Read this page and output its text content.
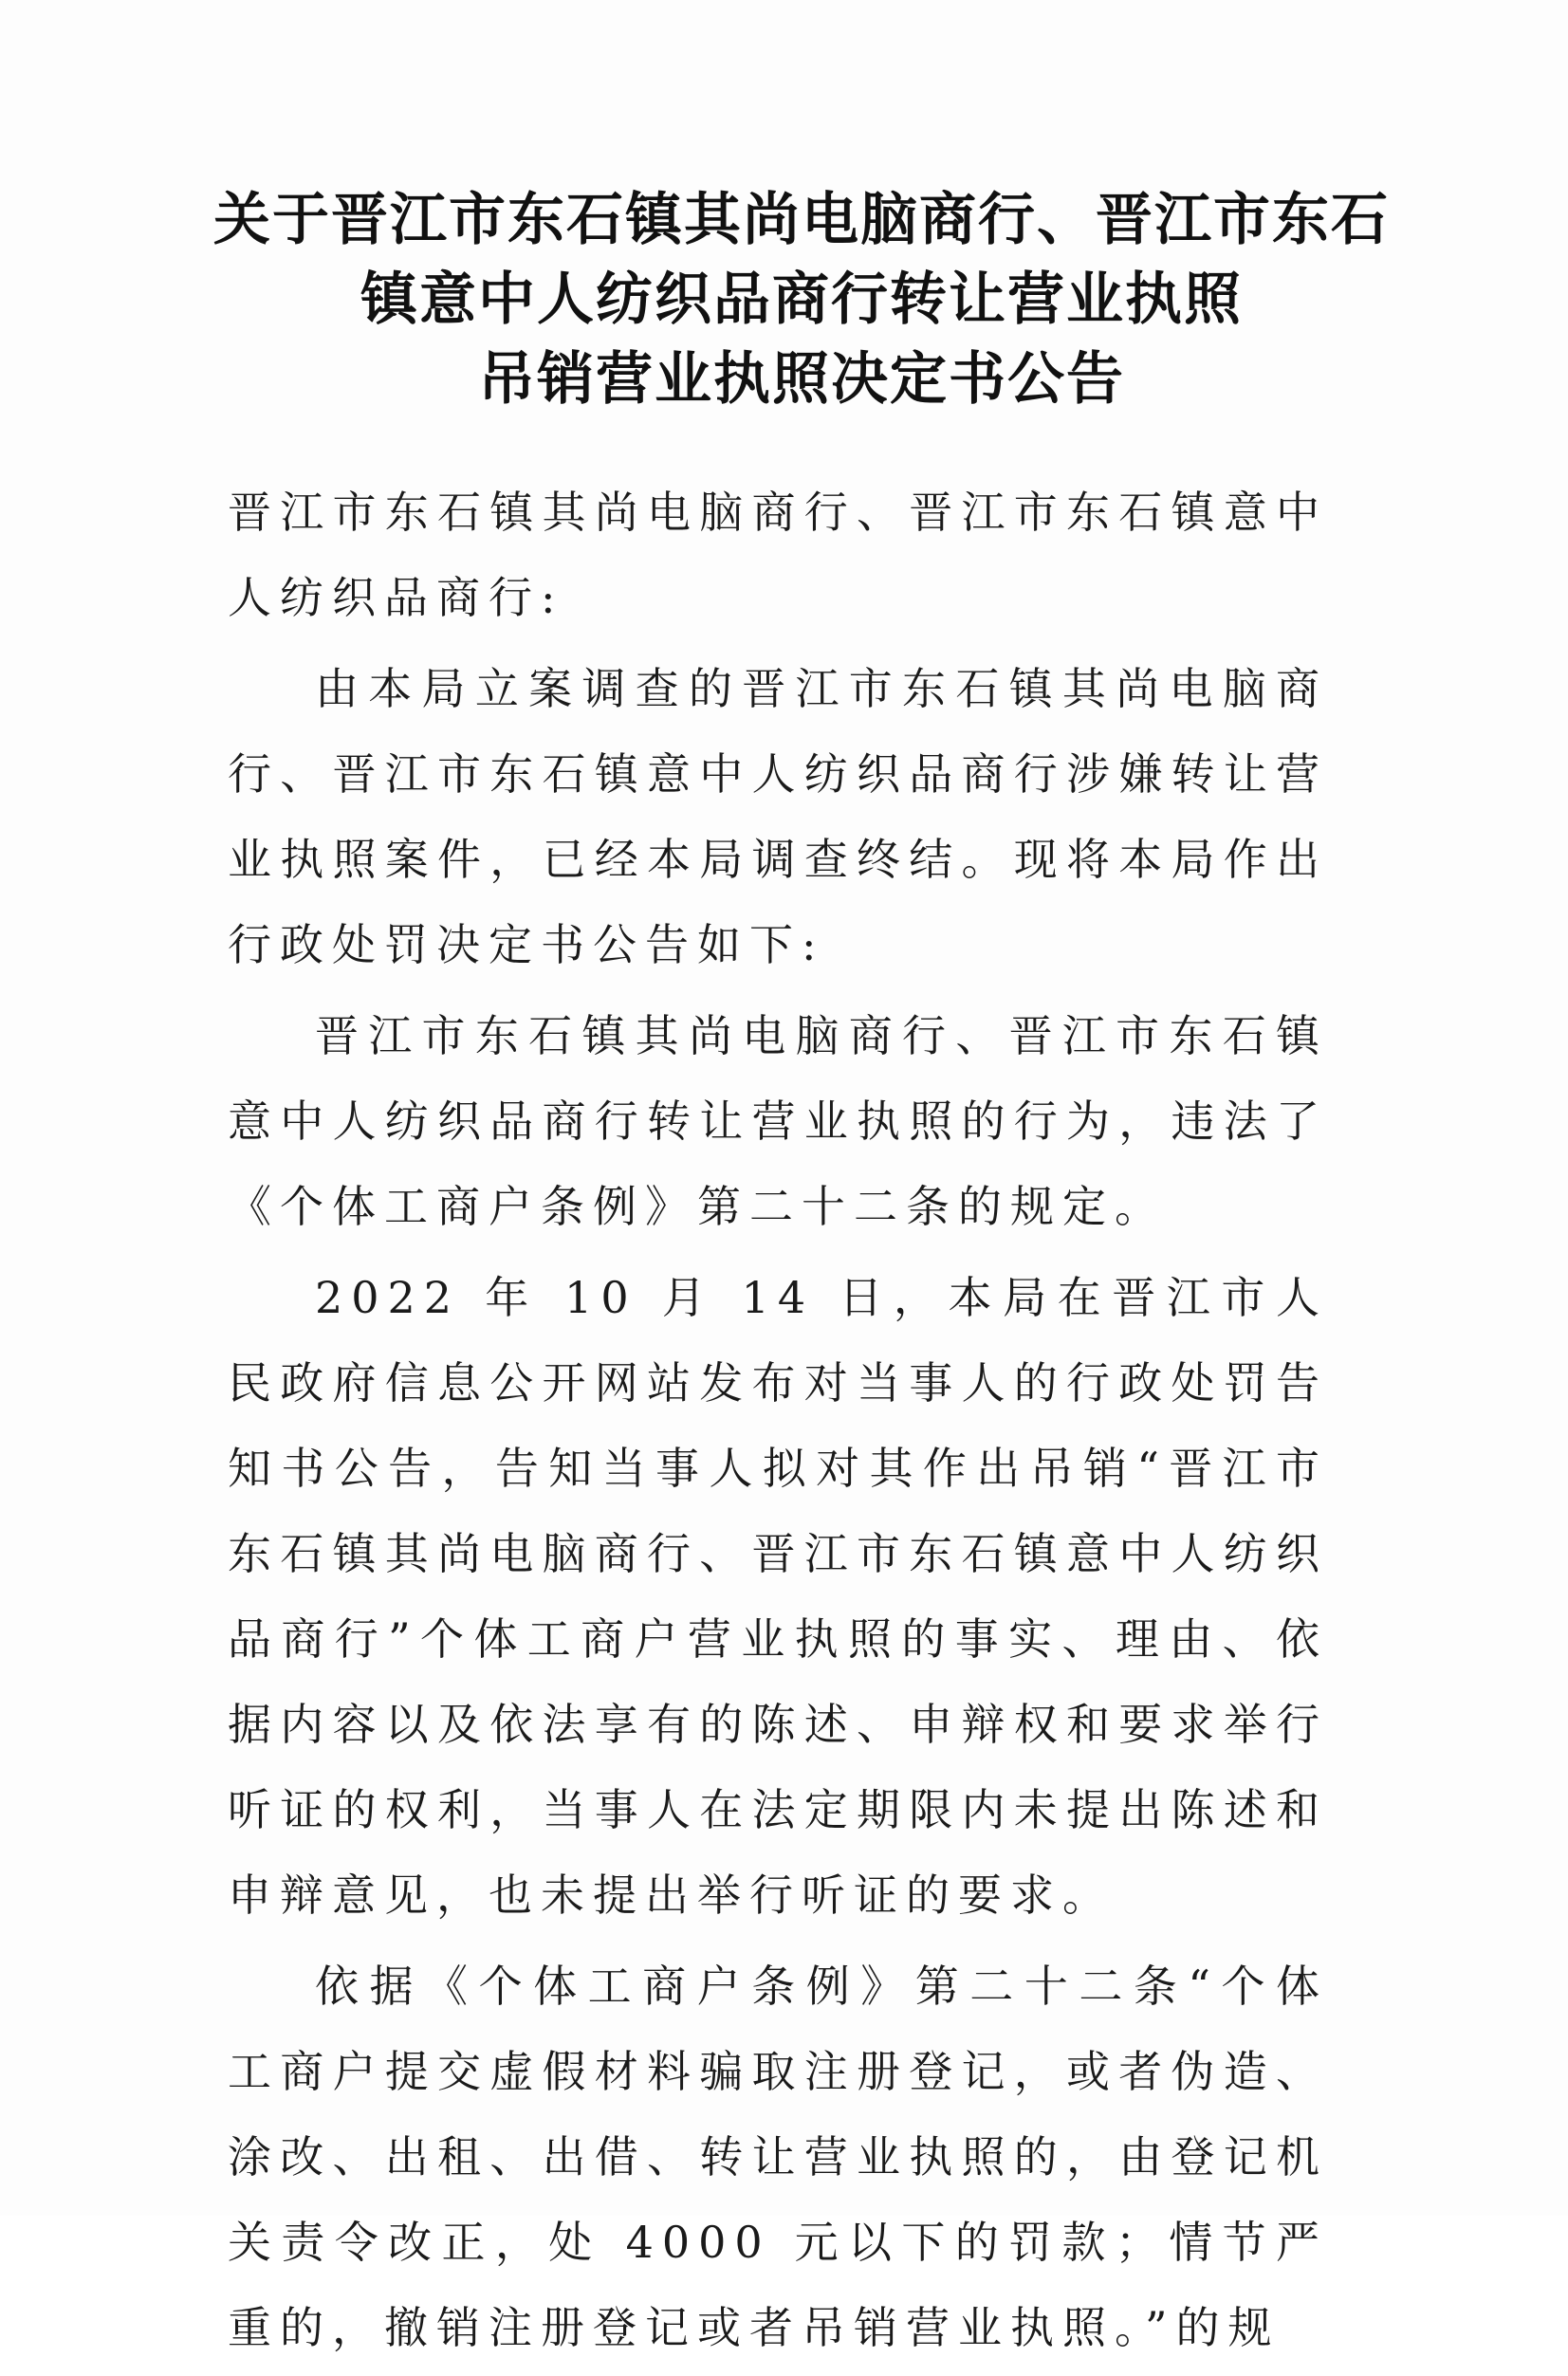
关于晋江市东石镇其尚电脑商行、晋江市东石
镇意中人纺织品商行转让营业执照
吊销营业执照决定书公告

晋江市东石镇其尚电脑商行、晋江市东石镇意中人纺织品商行:

由本局立案调查的晋江市东石镇其尚电脑商行、晋江市东石镇意中人纺织品商行涉嫌转让营业执照案件，已经本局调查终结。现将本局作出行政处罚决定书公告如下:

晋江市东石镇其尚电脑商行、晋江市东石镇意中人纺织品商行转让营业执照的行为，违法了《个体工商户条例》第二十二条的规定。

2022 年 10 月 14 日，本局在晋江市人民政府信息公开网站发布对当事人的行政处罚告知书公告，告知当事人拟对其作出吊销“晋江市东石镇其尚电脑商行、晋江市东石镇意中人纺织品商行”个体工商户营业执照的事实、理由、依据内容以及依法享有的陈述、申辩权和要求举行听证的权利，当事人在法定期限内未提出陈述和申辩意见，也未提出举行听证的要求。

依据《个体工商户条例》第二十二条“个体工商户提交虚假材料骗取注册登记，或者伪造、涂改、出租、出借、转让营业执照的，由登记机关责令改正，处 4000 元以下的罚款；情节严重的，撤销注册登记或者吊销营业执照。”的规
